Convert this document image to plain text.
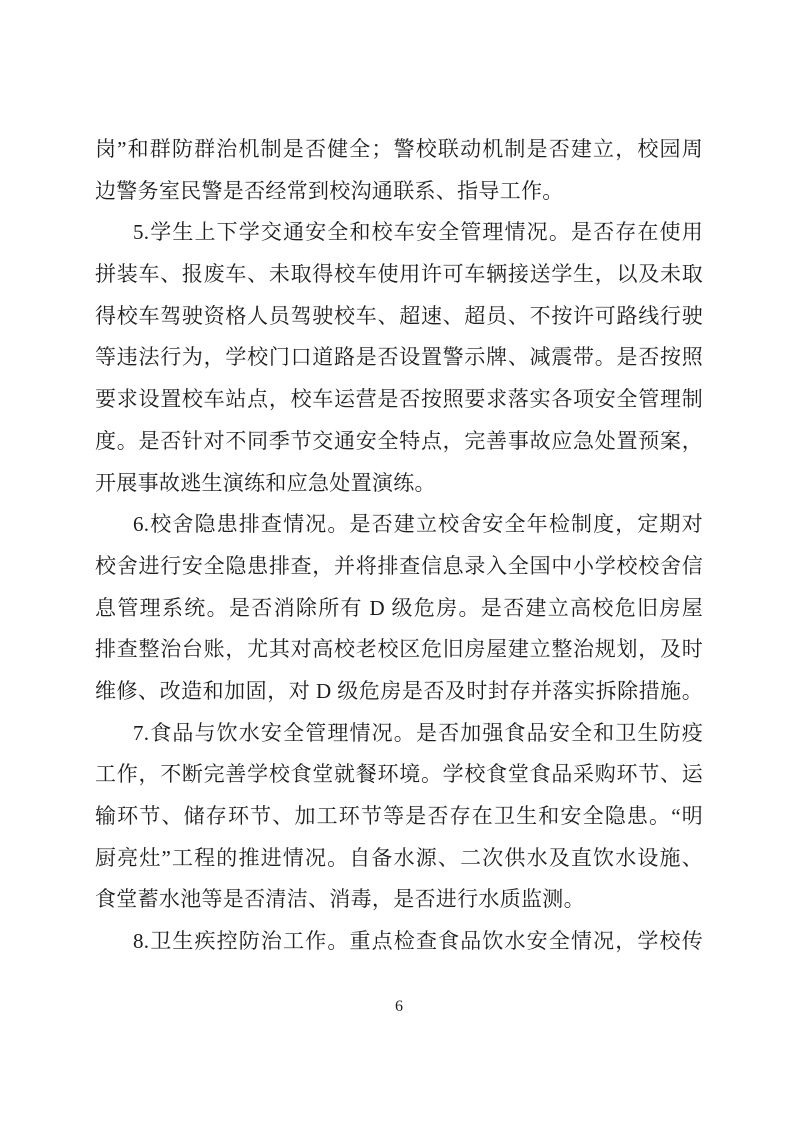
岗”和群防群治机制是否健全；警校联动机制是否建立，校园周
边警务室民警是否经常到校沟通联系、指导工作。
5.学生上下学交通安全和校车安全管理情况。是否存在使用
拼装车、报废车、未取得校车使用许可车辆接送学生，以及未取
得校车驾驶资格人员驾驶校车、超速、超员、不按许可路线行驶
等违法行为，学校门口道路是否设置警示牌、减震带。是否按照
要求设置校车站点，校车运营是否按照要求落实各项安全管理制
度。是否针对不同季节交通安全特点，完善事故应急处置预案，
开展事故逃生演练和应急处置演练。
6.校舍隐患排查情况。是否建立校舍安全年检制度，定期对
校舍进行安全隐患排查，并将排查信息录入全国中小学校校舍信
息管理系统。是否消除所有 D 级危房。是否建立高校危旧房屋
排查整治台账，尤其对高校老校区危旧房屋建立整治规划，及时
维修、改造和加固，对 D 级危房是否及时封存并落实拆除措施。
7.食品与饮水安全管理情况。是否加强食品安全和卫生防疫
工作，不断完善学校食堂就餐环境。学校食堂食品采购环节、运
输环节、储存环节、加工环节等是否存在卫生和安全隐患。“明
厨亮灶”工程的推进情况。自备水源、二次供水及直饮水设施、
食堂蓄水池等是否清洁、消毒，是否进行水质监测。
8.卫生疾控防治工作。重点检查食品饮水安全情况，学校传
6
